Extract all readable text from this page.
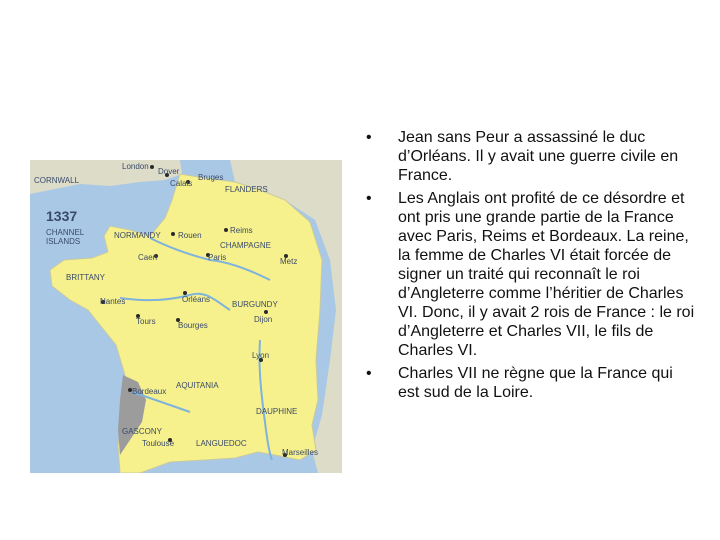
London
Dover
Calais
Bruges
FLANDERS
CORNWALL
1337
CHANNEL
ISLANDS
NORMANDY Rouen
Reims
CHAMPAGNE
Caen	Paris	Metz
BRITTANY
Orléans
Nantes	BURGUNDY
Tours	Bourges
Dijon
Lyon
AQUITANIA
Bordeaux
GASCONY
DAUPHINE
Toulouse	LANGUEDOC
Marseilles
• Jean sans Peur a assassiné le duc d’Orléans. Il y avait une guerre civile en France.
• Les Anglais ont profité de ce désordre et ont pris une grande partie de la France avec Paris, Reims et Bordeaux. La reine, la femme de Charles VI était forcée de signer un traité qui reconnaît le roi d’Angleterre comme l’héritier de Charles VI. Donc, il y avait 2 rois de France : le roi d’Angleterre et Charles VII, le fils de Charles VI.
• Charles VII ne règne que la France qui est sud de la Loire.
